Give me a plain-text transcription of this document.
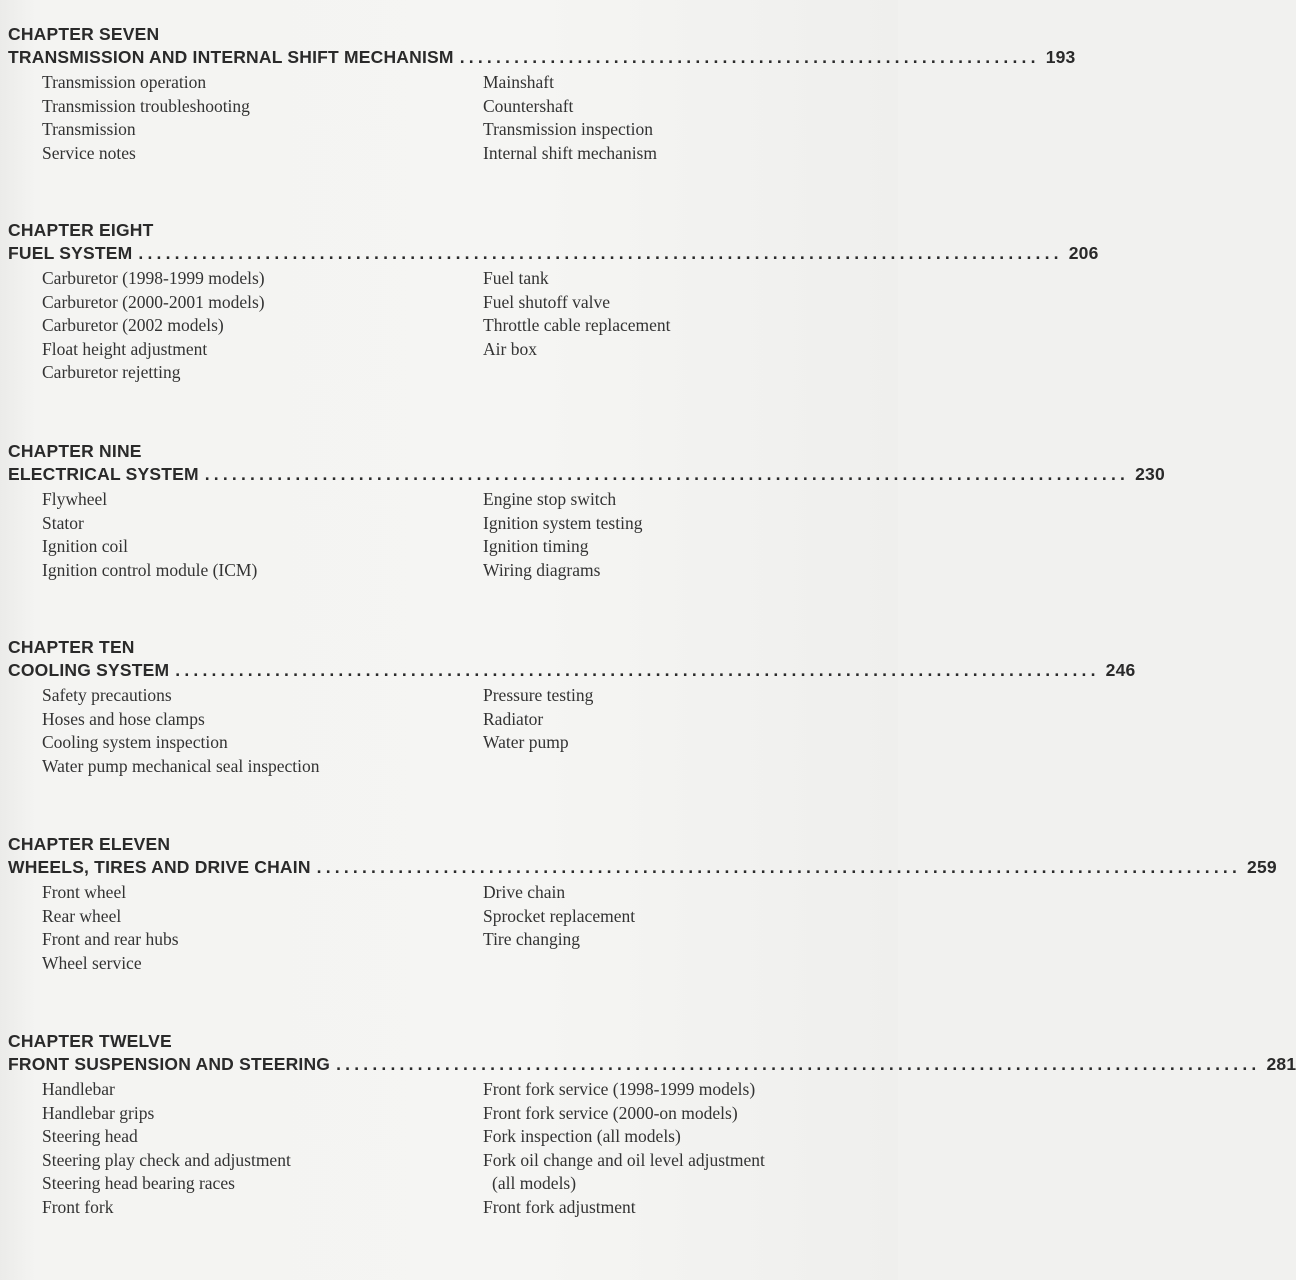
CHAPTER SEVEN
TRANSMISSION AND INTERNAL SHIFT MECHANISM ................................................................ 193
Transmission operation
Transmission troubleshooting
Transmission
Service notes
Mainshaft
Countershaft
Transmission inspection
Internal shift mechanism
CHAPTER EIGHT
FUEL SYSTEM ...................................................................................................... 206
Carburetor (1998-1999 models)
Carburetor (2000-2001 models)
Carburetor (2002 models)
Float height adjustment
Carburetor rejetting
Fuel tank
Fuel shutoff valve
Throttle cable replacement
Air box
CHAPTER NINE
ELECTRICAL SYSTEM ...................................................................................................... 230
Flywheel
Stator
Ignition coil
Ignition control module (ICM)
Engine stop switch
Ignition system testing
Ignition timing
Wiring diagrams
CHAPTER TEN
COOLING SYSTEM ...................................................................................................... 246
Safety precautions
Hoses and hose clamps
Cooling system inspection
Water pump mechanical seal inspection
Pressure testing
Radiator
Water pump
CHAPTER ELEVEN
WHEELS, TIRES AND DRIVE CHAIN ...................................................................................................... 259
Front wheel
Rear wheel
Front and rear hubs
Wheel service
Drive chain
Sprocket replacement
Tire changing
CHAPTER TWELVE
FRONT SUSPENSION AND STEERING ...................................................................................................... 281
Handlebar
Handlebar grips
Steering head
Steering play check and adjustment
Steering head bearing races
Front fork
Front fork service (1998-1999 models)
Front fork service (2000-on models)
Fork inspection (all models)
Fork oil change and oil level adjustment
(all models)
Front fork adjustment
